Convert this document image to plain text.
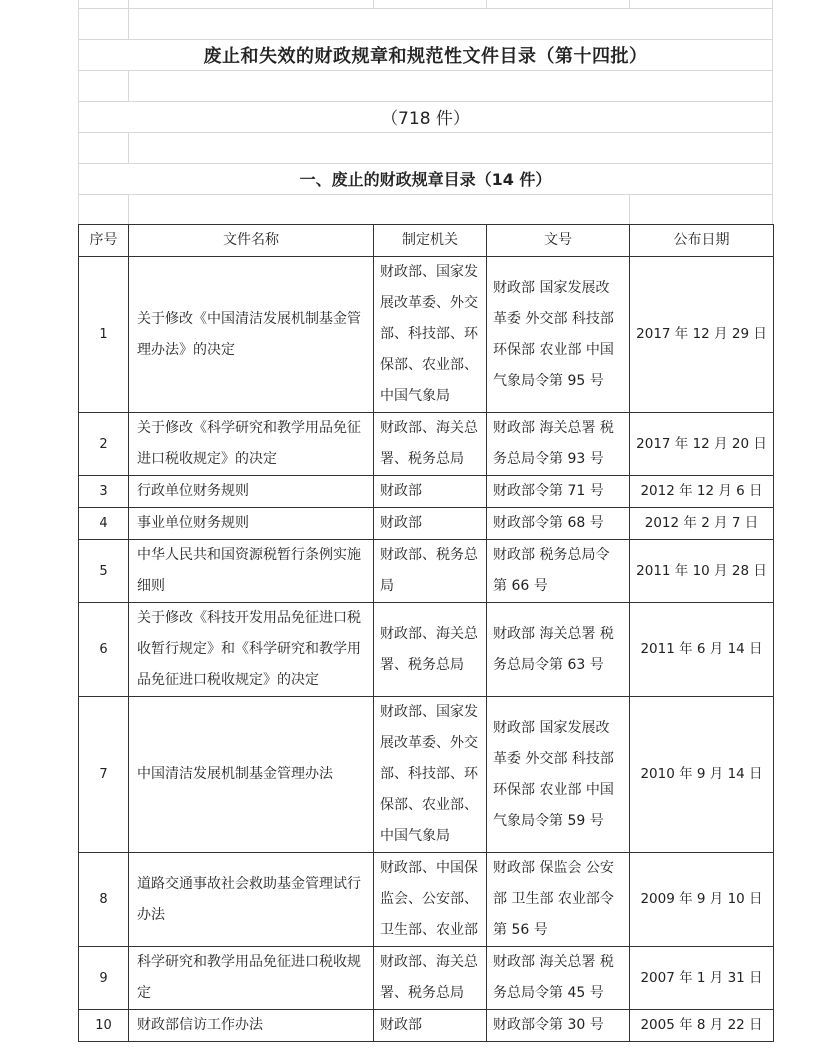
废止和失效的财政规章和规范性文件目录（第十四批）
（718 件）
一、废止的财政规章目录（14 件）
序号	文件名称	制定机关	文号	公布日期
1	关于修改《中国清洁发展机制基金管理办法》的决定	财政部、国家发展改革委、外交部、科技部、环保部、农业部、中国气象局	财政部 国家发展改革委 外交部 科技部 环保部 农业部 中国气象局令第 95 号	2017 年 12 月 29 日
2	关于修改《科学研究和教学用品免征进口税收规定》的决定	财政部、海关总署、税务总局	财政部 海关总署 税务总局令第 93 号	2017 年 12 月 20 日
3	行政单位财务规则	财政部	财政部令第 71 号	2012 年 12 月 6 日
4	事业单位财务规则	财政部	财政部令第 68 号	2012 年 2 月 7 日
5	中华人民共和国资源税暂行条例实施细则	财政部、税务总局	财政部 税务总局令第 66 号	2011 年 10 月 28 日
6	关于修改《科技开发用品免征进口税收暂行规定》和《科学研究和教学用品免征进口税收规定》的决定	财政部、海关总署、税务总局	财政部 海关总署 税务总局令第 63 号	2011 年 6 月 14 日
7	中国清洁发展机制基金管理办法	财政部、国家发展改革委、外交部、科技部、环保部、农业部、中国气象局	财政部 国家发展改革委 外交部 科技部 环保部 农业部 中国气象局令第 59 号	2010 年 9 月 14 日
8	道路交通事故社会救助基金管理试行办法	财政部、中国保监会、公安部、卫生部、农业部	财政部 保监会 公安部 卫生部 农业部令第 56 号	2009 年 9 月 10 日
9	科学研究和教学用品免征进口税收规定	财政部、海关总署、税务总局	财政部 海关总署 税务总局令第 45 号	2007 年 1 月 31 日
10	财政部信访工作办法	财政部	财政部令第 30 号	2005 年 8 月 22 日
